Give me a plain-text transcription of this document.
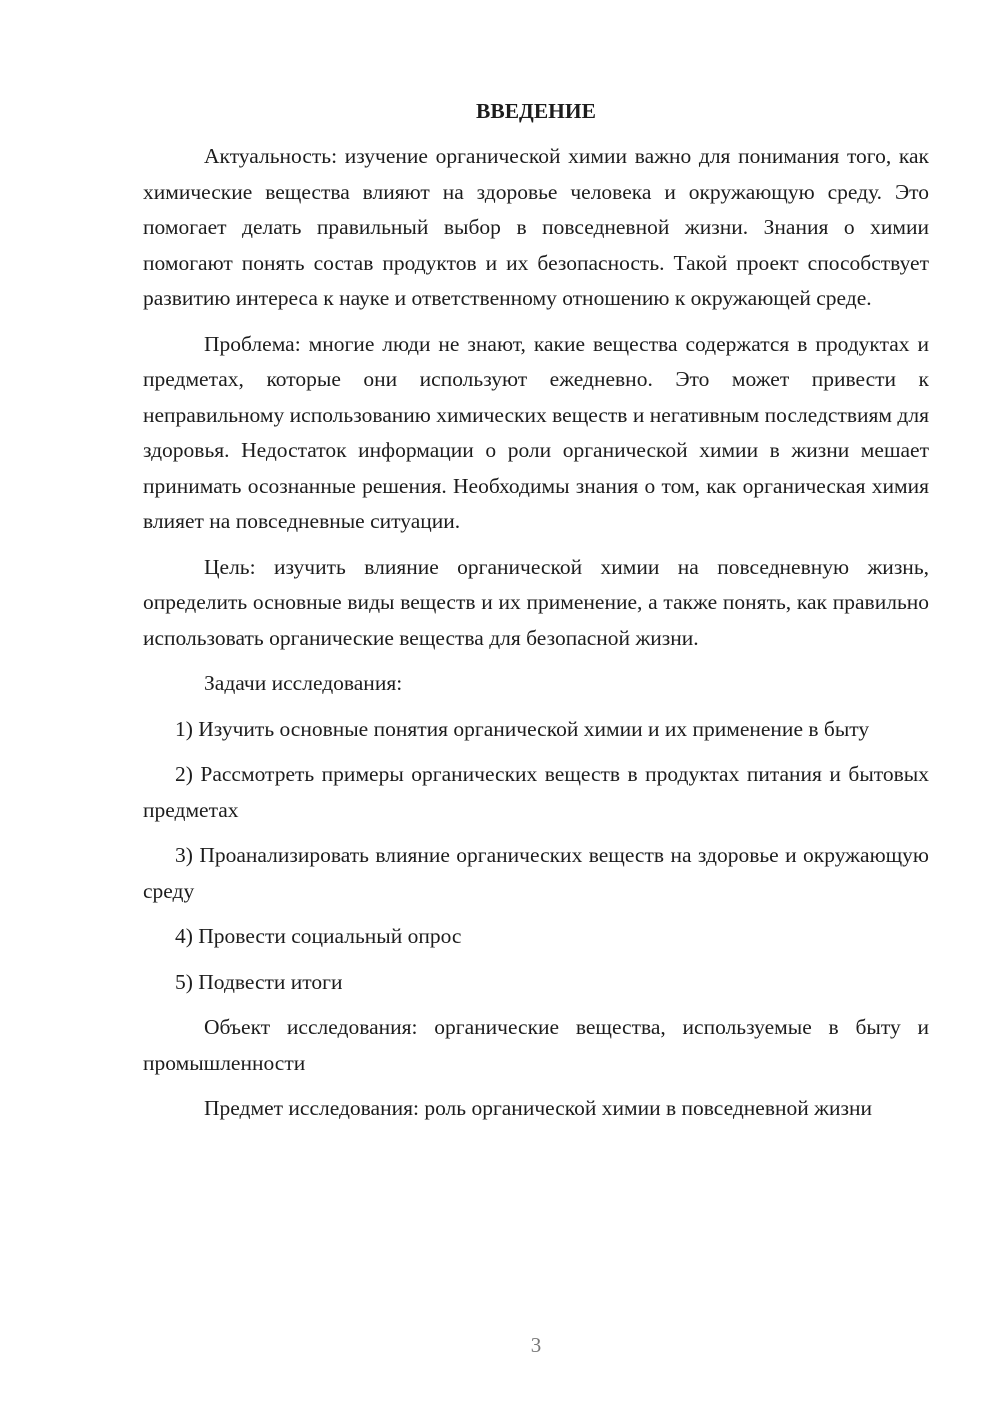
ВВЕДЕНИЕ

Актуальность: изучение органической химии важно для понимания того, как химические вещества влияют на здоровье человека и окружающую среду. Это помогает делать правильный выбор в повседневной жизни. Знания о химии помогают понять состав продуктов и их безопасность. Такой проект способствует развитию интереса к науке и ответственному отношению к окружающей среде.

Проблема: многие люди не знают, какие вещества содержатся в продуктах и предметах, которые они используют ежедневно. Это может привести к неправильному использованию химических веществ и негативным последствиям для здоровья. Недостаток информации о роли органической химии в жизни мешает принимать осознанные решения. Необходимы знания о том, как органическая химия влияет на повседневные ситуации.

Цель: изучить влияние органической химии на повседневную жизнь, определить основные виды веществ и их применение, а также понять, как правильно использовать органические вещества для безопасной жизни.

Задачи исследования:

1) Изучить основные понятия органической химии и их применение в быту

2) Рассмотреть примеры органических веществ в продуктах питания и бытовых предметах

3) Проанализировать влияние органических веществ на здоровье и окружающую среду

4) Провести социальный опрос

5) Подвести итоги

Объект исследования: органические вещества, используемые в быту и промышленности

Предмет исследования: роль органической химии в повседневной жизни

3
